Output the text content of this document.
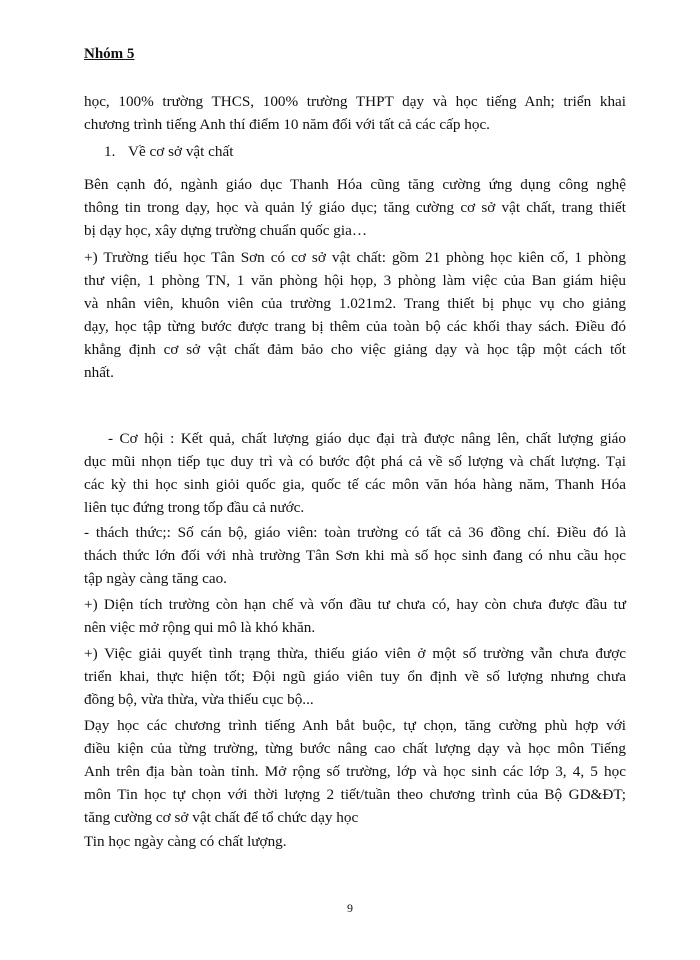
Nhóm 5
học, 100% trường THCS, 100% trường THPT dạy và học tiếng Anh; triển khai
chương trình tiếng Anh thí điểm 10 năm đối với tất cả các cấp học.
1. Về cơ sở vật chất
Bên cạnh đó, ngành giáo dục Thanh Hóa cũng tăng cường ứng dụng công nghệ
thông tin trong dạy, học và quản lý giáo dục; tăng cường cơ sở vật chất, trang thiết
bị dạy học, xây dựng trường chuẩn quốc gia…
+) Trường tiểu học Tân Sơn có cơ sở vật chất: gồm 21 phòng học kiên cố, 1 phòng
thư viện, 1 phòng TN, 1 văn phòng hội họp, 3 phòng làm việc của Ban giám hiệu
và nhân viên, khuôn viên của trường 1.021m2. Trang thiết bị phục vụ cho giảng
dạy, học tập từng bước được trang bị thêm của toàn bộ các khối thay sách. Điều đó
khẳng định cơ sở vật chất đảm bảo cho việc giảng dạy và học tập một cách tốt
nhất.
- Cơ hội : Kết quả, chất lượng giáo dục đại trà được nâng lên, chất lượng giáo
dục mũi nhọn tiếp tục duy trì và có bước đột phá cả về số lượng và chất lượng. Tại
các kỳ thi học sinh giỏi quốc gia, quốc tế các môn văn hóa hàng năm, Thanh Hóa
liên tục đứng trong tốp đầu cả nước.
- thách thức;: Số cán bộ, giáo viên: toàn trường có tất cả 36 đồng chí. Điều đó là
thách thức lớn đối với nhà trường Tân Sơn khi mà số học sinh đang có nhu cầu học
tập ngày càng tăng cao.
+) Diện tích trường còn hạn chế và vốn đầu tư chưa có, hay còn chưa được đầu tư
nên việc mở rộng qui mô là khó khăn.
+) Việc giải quyết tình trạng thừa, thiếu giáo viên ở một số trường vẫn chưa được
triển khai, thực hiện tốt; Đội ngũ giáo viên tuy ổn định về số lượng nhưng chưa
đồng bộ, vừa thừa, vừa thiếu cục bộ...
Dạy học các chương trình tiếng Anh bắt buộc, tự chọn, tăng cường phù hợp với
điều kiện của từng trường, từng bước nâng cao chất lượng dạy và học môn Tiếng
Anh trên địa bàn toàn tỉnh. Mở rộng số trường, lớp và học sinh các lớp 3, 4, 5 học
môn Tin học tự chọn với thời lượng 2 tiết/tuần theo chương trình của Bộ GD&ĐT;
tăng cường cơ sở vật chất để tổ chức dạy học
Tin học ngày càng có chất lượng.
9
